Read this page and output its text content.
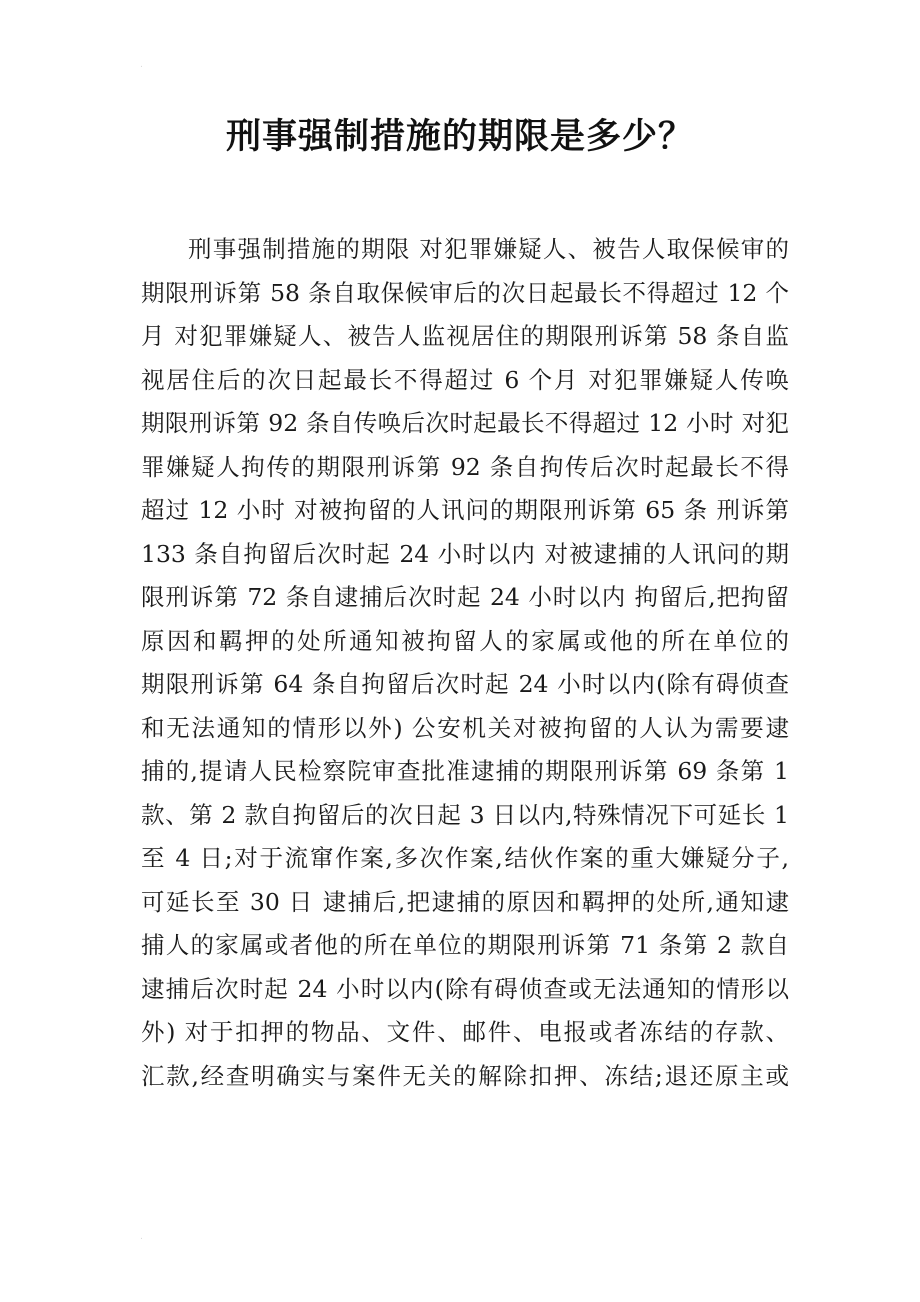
.
刑事强制措施的期限是多少？
刑事强制措施的期限 对犯罪嫌疑人、被告人取保候审的
期限刑诉第 58 条自取保候审后的次日起最长不得超过 12 个
月 对犯罪嫌疑人、被告人监视居住的期限刑诉第 58 条自监
视居住后的次日起最长不得超过 6 个月 对犯罪嫌疑人传唤
期限刑诉第 92 条自传唤后次时起最长不得超过 12 小时 对犯
罪嫌疑人拘传的期限刑诉第 92 条自拘传后次时起最长不得
超过 12 小时 对被拘留的人讯问的期限刑诉第 65 条 刑诉第
133 条自拘留后次时起 24 小时以内 对被逮捕的人讯问的期
限刑诉第 72 条自逮捕后次时起 24 小时以内 拘留后,把拘留
原因和羁押的处所通知被拘留人的家属或他的所在单位的
期限刑诉第 64 条自拘留后次时起 24 小时以内(除有碍侦查
和无法通知的情形以外) 公安机关对被拘留的人认为需要逮
捕的,提请人民检察院审查批准逮捕的期限刑诉第 69 条第 1
款、第 2 款自拘留后的次日起 3 日以内,特殊情况下可延长 1
至 4 日;对于流窜作案,多次作案,结伙作案的重大嫌疑分子,
可延长至 30 日 逮捕后,把逮捕的原因和羁押的处所,通知逮
捕人的家属或者他的所在单位的期限刑诉第 71 条第 2 款自
逮捕后次时起 24 小时以内(除有碍侦查或无法通知的情形以
外) 对于扣押的物品、文件、邮件、电报或者冻结的存款、
汇款,经查明确实与案件无关的解除扣押、冻结;退还原主或
.
